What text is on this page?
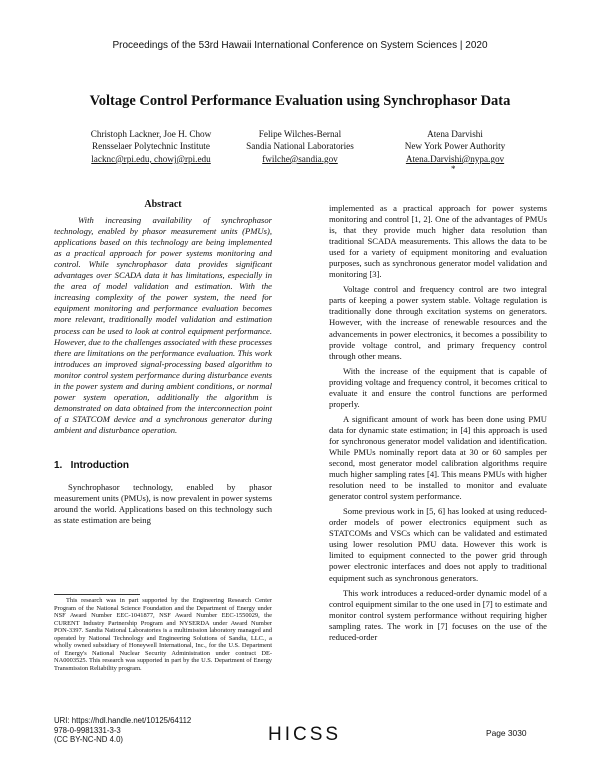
Proceedings of the 53rd Hawaii International Conference on System Sciences | 2020
Voltage Control Performance Evaluation using Synchrophasor Data
Christoph Lackner, Joe H. Chow
Rensselaer Polytechnic Institute
lacknc@rpi.edu, chowj@rpi.edu
Felipe Wilches-Bernal
Sandia National Laboratories
fwilche@sandia.gov
Atena Darvishi
New York Power Authority
Atena.Darvishi@nypa.gov
*
Abstract

With increasing availability of synchrophasor technology, enabled by phasor measurement units (PMUs), applications based on this technology are being implemented as a practical approach for power systems monitoring and control. While synchrophasor data provides significant advantages over SCADA data it has limitations, especially in the area of model validation and estimation. With the increasing complexity of the power system, the need for equipment monitoring and performance evaluation becomes more relevant, traditionally model validation and estimation process can be used to look at control equipment performance. However, due to the challenges associated with these processes there are limitations on the performance evaluation. This work introduces an improved signal-processing based algorithm to monitor control system performance during disturbance events in the power system and during ambient conditions, or normal power system operation, additionally the algorithm is demonstrated on data obtained from the interconnection point of a STATCOM device and a synchronous generator during ambient and disturbance operation.

1.   Introduction

Synchrophasor technology, enabled by phasor measurement units (PMUs), is now prevalent in power systems around the world. Applications based on this technology such as state estimation are being

This research was in part supported by the Engineering Research Center Program of the National Science Foundation and the Department of Energy under NSF Award Number EEC-1041877, NSF Award Number EEC-1550029, the CURENT Industry Partnership Program and NYSERDA under Award Number PON-3397. Sandia National Laboratories is a multimission laboratory managed and operated by National Technology and Engineering Solutions of Sandia, LLC., a wholly owned subsidiary of Honeywell International, Inc., for the U.S. Department of Energy's National Nuclear Security Administration under contract DE-NA0003525. This research was supported in part by the U.S. Department of Energy Transmission Reliability program.

implemented as a practical approach for power systems monitoring and control [1, 2]. One of the advantages of PMUs is, that they provide much higher data resolution than traditional SCADA measurements. This allows the data to be used for a variety of equipment monitoring and evaluation purposes, such as synchronous generator model validation and monitoring [3].

Voltage control and frequency control are two integral parts of keeping a power system stable. Voltage regulation is traditionally done through excitation systems on generators. However, with the increase of renewable resources and the advancements in power electronics, it becomes a possibility to provide voltage control, and primary frequency control through other means.

With the increase of the equipment that is capable of providing voltage and frequency control, it becomes critical to evaluate it and ensure the control functions are performed properly.

A significant amount of work has been done using PMU data for dynamic state estimation; in [4] this approach is used for synchronous generator model validation and identification. While PMUs nominally report data at 30 or 60 samples per second, most generator model calibration algorithms require much higher sampling rates [4]. This means PMUs with higher resolution need to be installed to monitor and evaluate generator control system performance.

Some previous work in [5, 6] has looked at using reduced-order models of power electronics equipment such as STATCOMs and VSCs which can be validated and estimated using lower resolution PMU data. However this work is limited to equipment connected to the power grid through power electronic interfaces and does not apply to traditional equipment such as synchronous generators.

This work introduces a reduced-order dynamic model of a control equipment similar to the one used in [7] to estimate and monitor control system performance without requiring higher sampling rates. The work in [7] focuses on the use of the reduced-order

URI: https://hdl.handle.net/10125/64112
978-0-9981331-3-3
(CC BY-NC-ND 4.0)	HICSS	Page 3030
